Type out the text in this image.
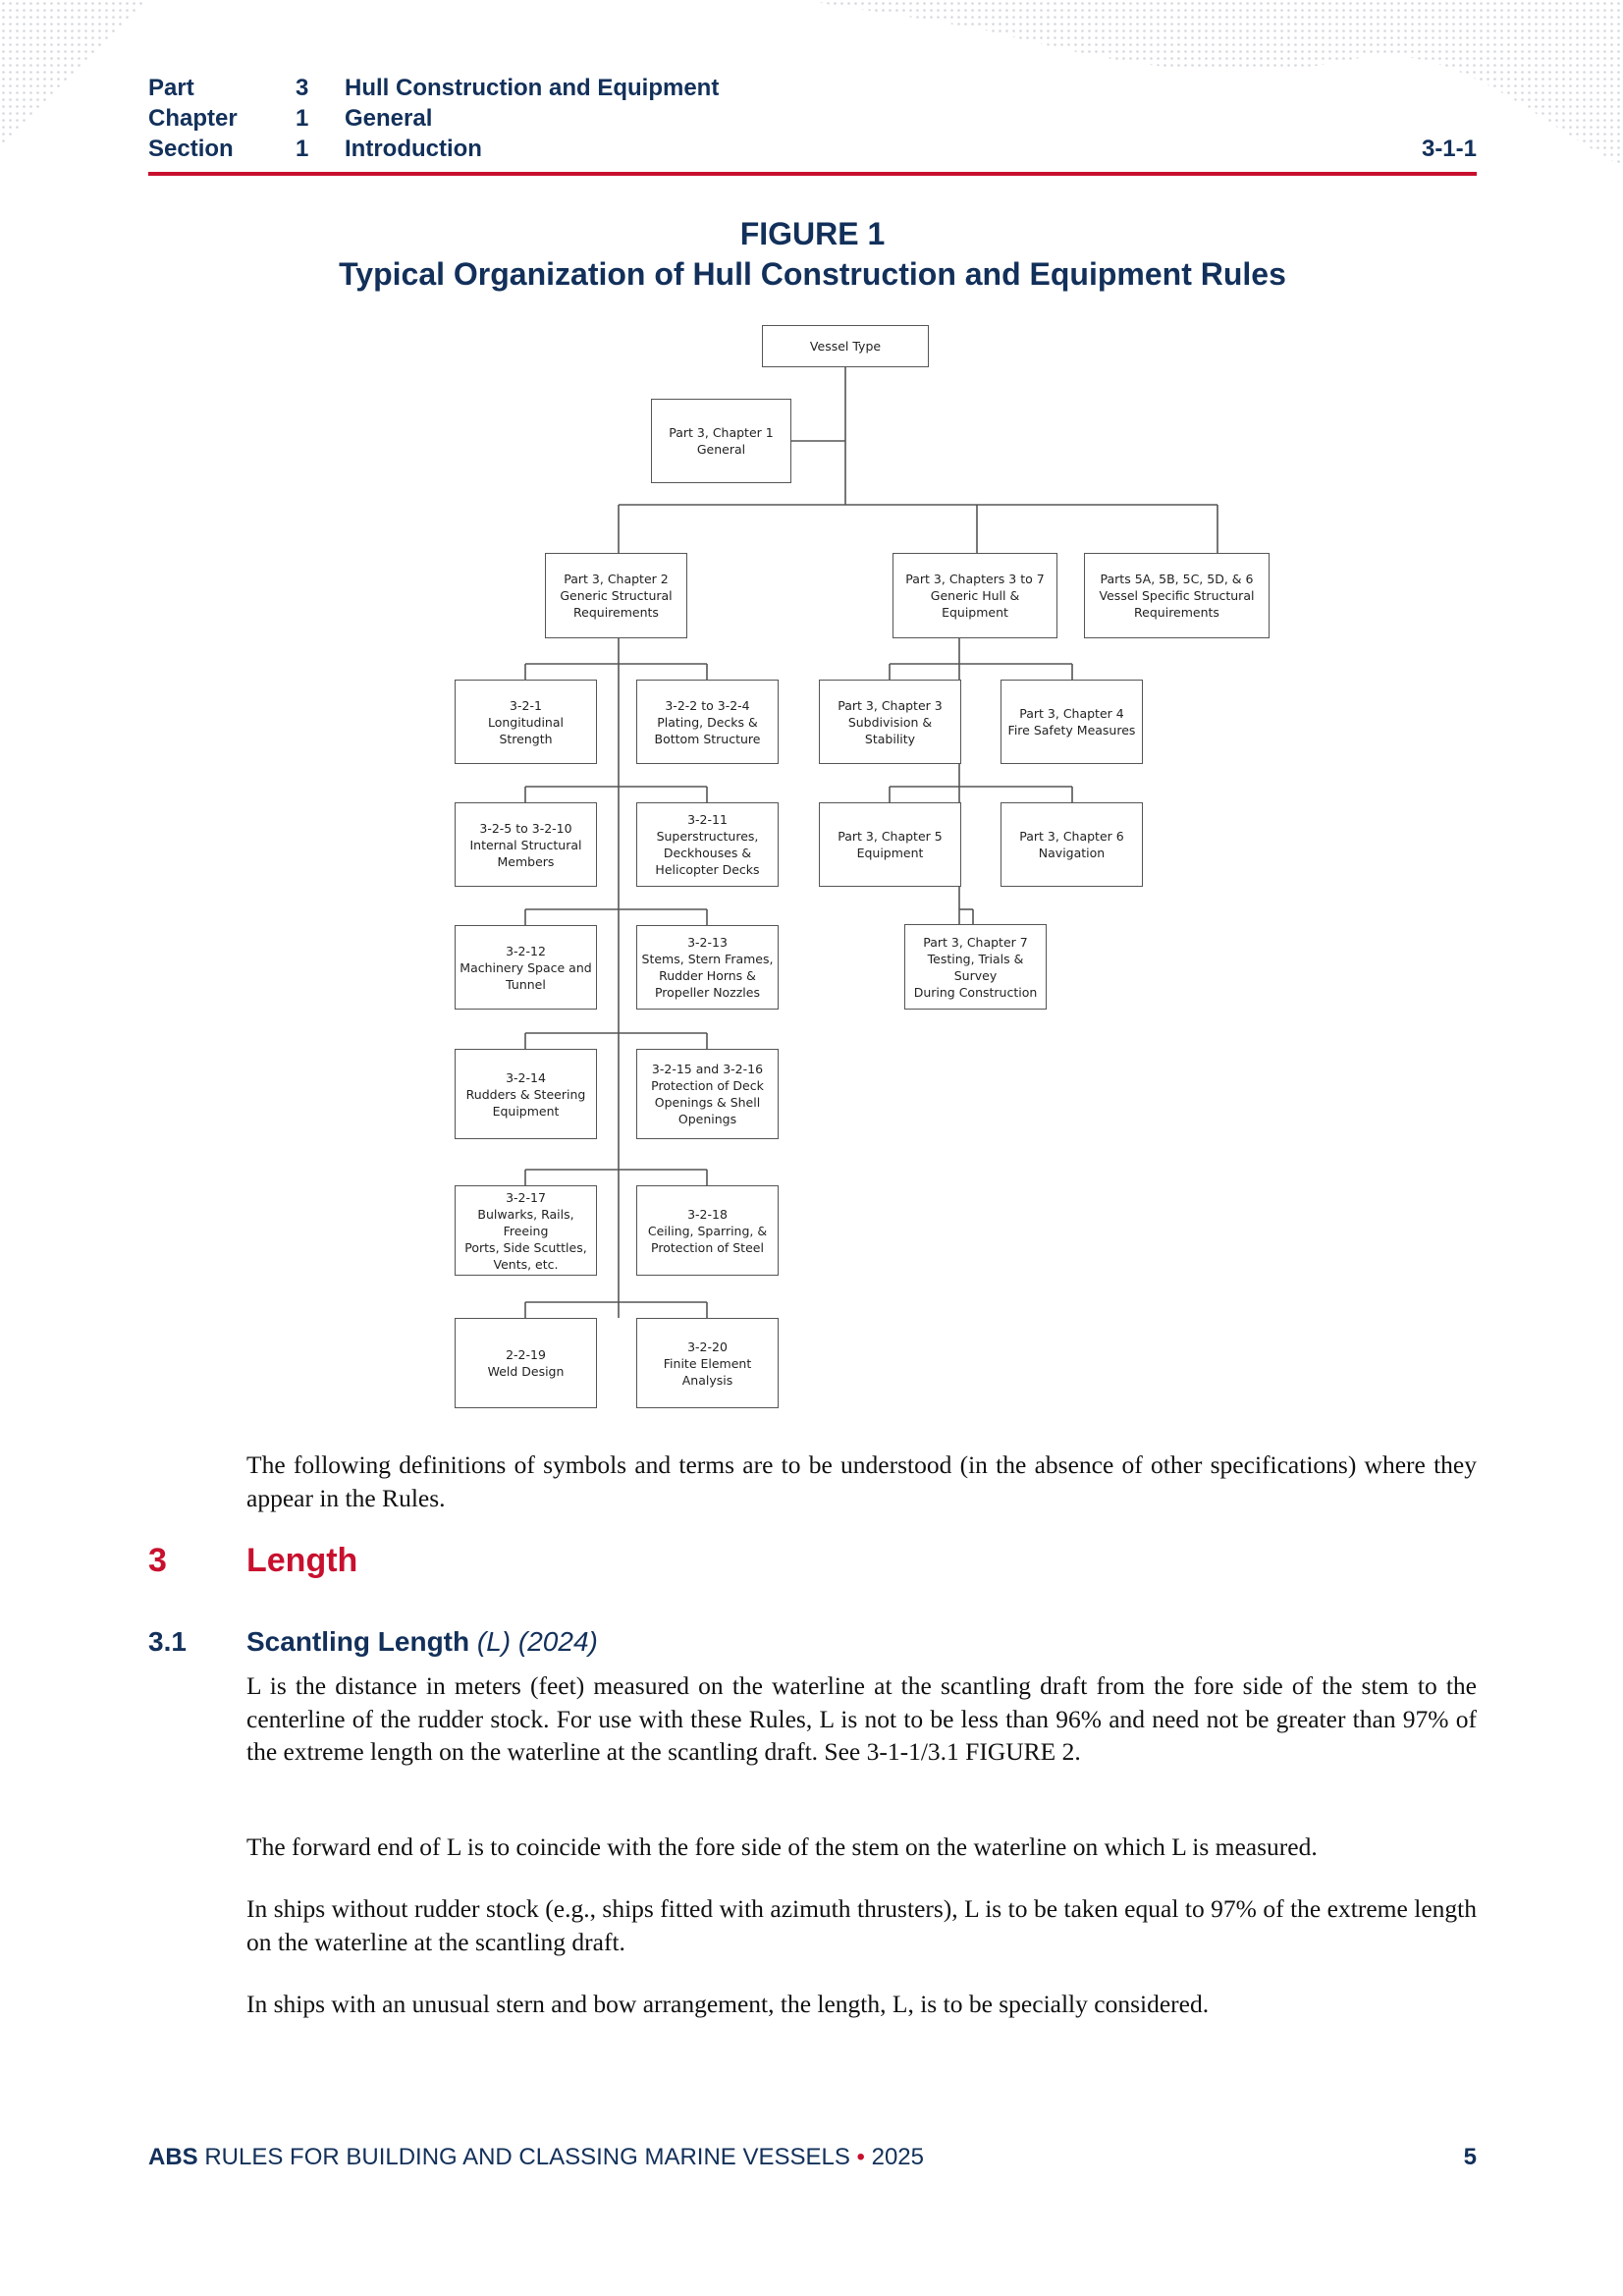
Part	3 Hull Construction and Equipment
Chapter 1 General
Section	1 Introduction	3-1-1
FIGURE 1
Typical Organization of Hull Construction and Equipment Rules
Vessel Type
Part 3, Chapter 1
General
Part 3, Chapter 2
Generic Structural
Requirements
Part 3, Chapters 3 to 7
Generic Hull & Equipment
Parts 5A, 5B, 5C, 5D, & 6
Vessel Specific Structural
Requirements
3-2-1
Longitudinal
Strength
3-2-2 to 3-2-4
Plating, Decks &
Bottom Structure
3-2-5 to 3-2-10
Internal Structural
Members
3-2-11
Superstructures,
Deckhouses &
Helicopter Decks
3-2-12
Machinery Space and
Tunnel
3-2-13
Stems, Stern Frames,
Rudder Horns &
Propeller Nozzles
3-2-14
Rudders & Steering
Equipment
3-2-15 and 3-2-16
Protection of Deck
Openings & Shell
Openings
3-2-17
Bulwarks, Rails, Freeing
Ports, Side Scuttles,
Vents, etc.
3-2-18
Ceiling, Sparring, &
Protection of Steel
2-2-19
Weld Design
3-2-20
Finite Element Analysis
Part 3, Chapter 3
Subdivision & Stability
Part 3, Chapter 4
Fire Safety Measures
Part 3, Chapter 5
Equipment
Part 3, Chapter 6
Navigation
Part 3, Chapter 7
Testing, Trials & Survey
During Construction
The following definitions of symbols and terms are to be understood (in the absence of other specifications) where they appear in the Rules.
3 Length
3.1 Scantling Length (L) (2024)
L is the distance in meters (feet) measured on the waterline at the scantling draft from the fore side of the stem to the centerline of the rudder stock. For use with these Rules, L is not to be less than 96% and need not be greater than 97% of the extreme length on the waterline at the scantling draft. See 3-1-1/3.1 FIGURE 2.
The forward end of L is to coincide with the fore side of the stem on the waterline on which L is measured.
In ships without rudder stock (e.g., ships fitted with azimuth thrusters), L is to be taken equal to 97% of the extreme length on the waterline at the scantling draft.
In ships with an unusual stern and bow arrangement, the length, L, is to be specially considered.
ABS RULES FOR BUILDING AND CLASSING MARINE VESSELS • 2025	5
